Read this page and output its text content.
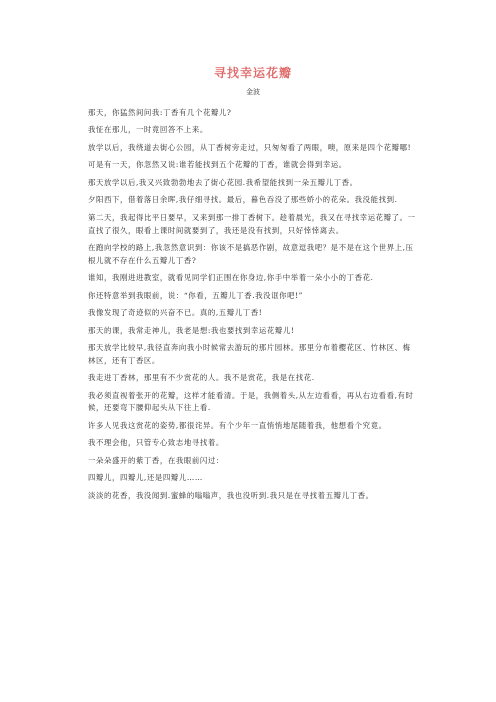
寻找幸运花瓣
金波

那天，你猛然间问我:丁香有几个花瓣儿?

我怔在那儿，一时竟回答不上来。

放学以后，我绕道去街心公园，从丁香树旁走过，只匆匆看了两眼，噢，原来是四个花瓣哪!

可是有一天，你忽然又说:谁若能找到五个花瓣的丁香，谁就会得到幸运。

那天放学以后,我又兴致勃勃地去了街心花园.我希望能找到一朵五瓣儿丁香。

夕阳西下，借着落日余晖,我仔细寻找。最后，暮色吞没了那些娇小的花朵。我没能找到.

第二天，我起得比平日要早，又来到那一排丁香树下。趁着晨光，我又在寻找幸运花瓣了。一直找了很久，眼看上课时间就要到了，我还是没有找到，只好悻悻离去。

在跑向学校的路上,我忽然意识到：你该不是搞恶作剧，故意逗我吧？是不是在这个世界上,压根儿就不存在什么五瓣儿丁香?

谁知，我刚进进教室，就看见同学们正围在你身边,你手中举着一朵小小的丁香花.

你还特意举到我眼前，说：“你看，五瓣儿丁香.我没诓你吧!”

我像发现了奇迹似的兴奋不已。真的,五瓣儿丁香!

那天的课，我常走神儿，我老是想:我也要找到幸运花瓣儿!

那天放学比较早,我径直奔向我小时候常去游玩的那片园林。那里分布着樱花区、竹林区、梅林区，还有丁香区。

我走进丁香林，那里有不少赏花的人。我不是赏花，我是在找花.

我必须直视着张开的花瓣，这样才能看清。于是，我侧着头,从左边看看，再从右边看看,有时候，还要弯下腰仰起头从下往上看.

许多人见我这赏花的姿势,都很诧异。有个少年一直悄悄地尾随着我，他想看个究竟。

我不理会他，只管专心致志地寻找着。

一朵朵盛开的紫丁香，在我眼前闪过：

四瓣儿，四瓣儿,还是四瓣儿……

淡淡的花香，我没闻到.蜜蜂的嗡嗡声，我也没听到.我只是在寻找着五瓣儿丁香。
